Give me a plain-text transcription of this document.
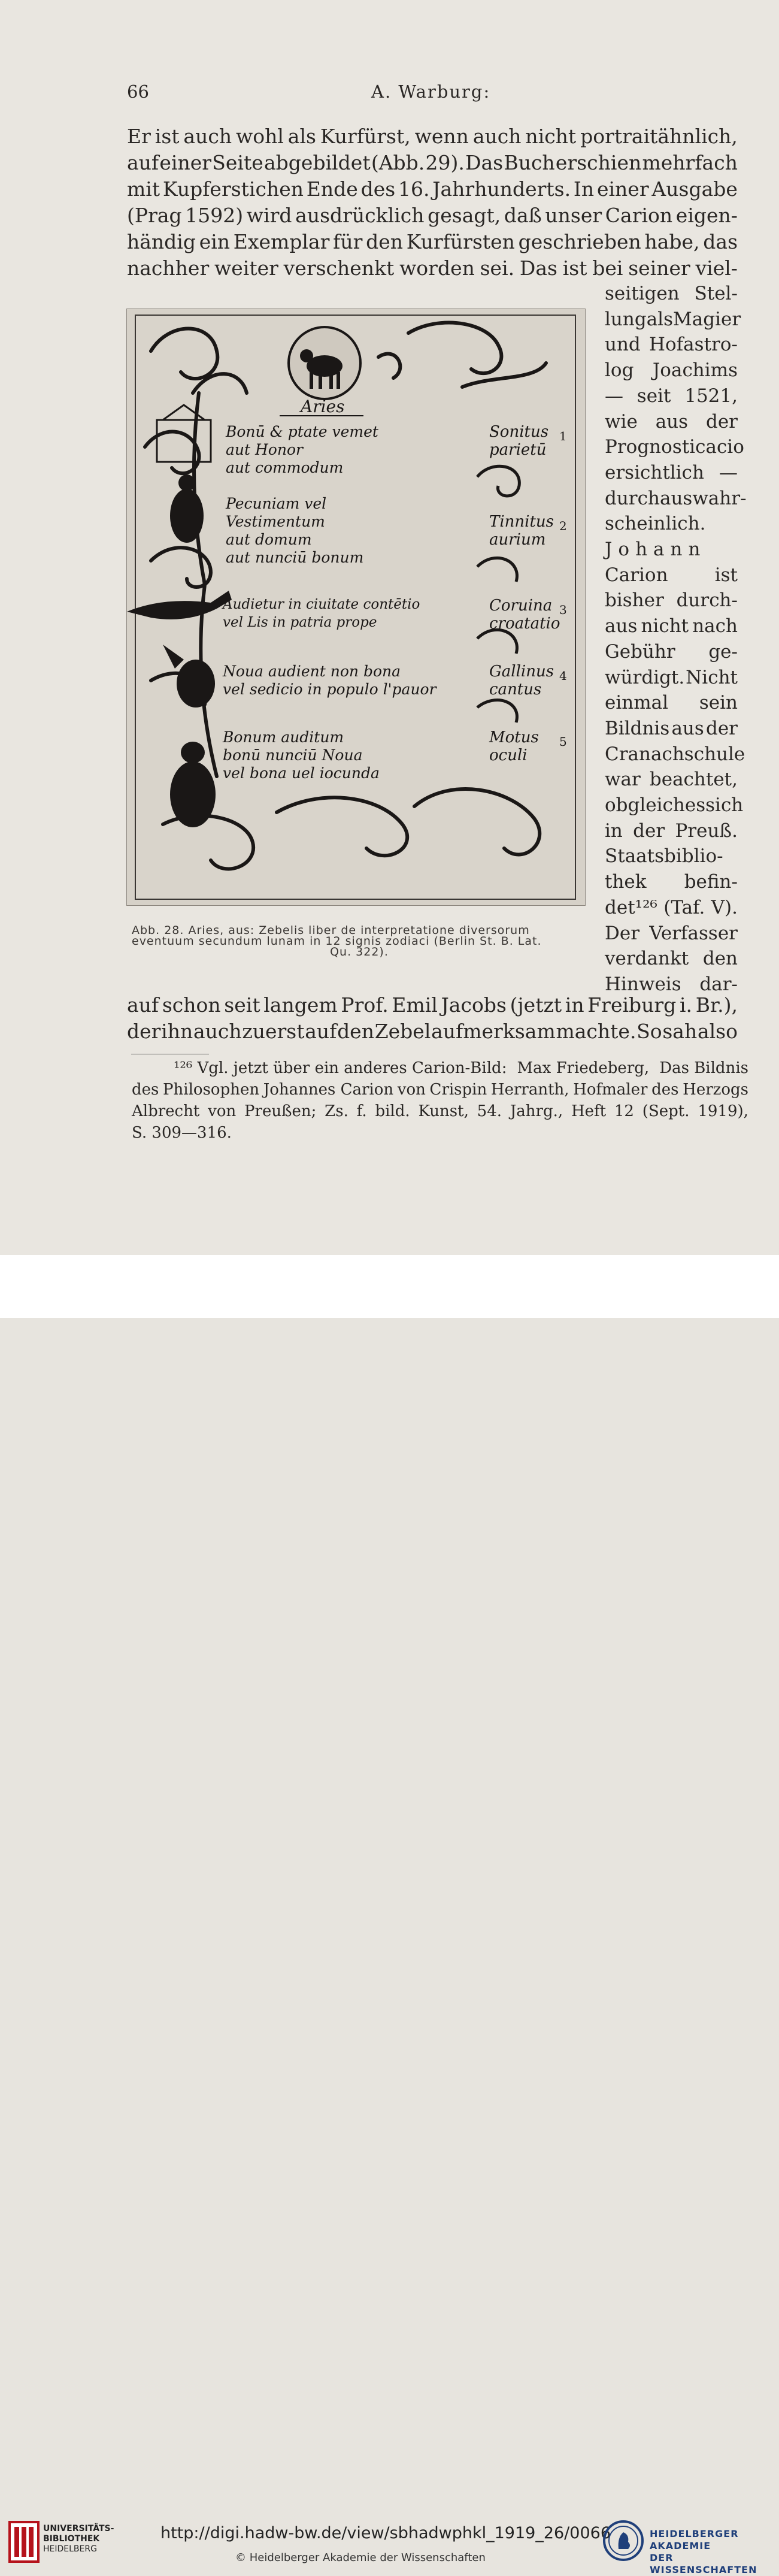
66	A. Warburg:
Er ist auch wohl als Kurfürst, wenn auch nicht portraitähnlich,
auf einer Seite abgebildet (Abb. 29). Das Buch erschien mehrfach
mit Kupferstichen Ende des 16. Jahrhunderts. In einer Ausgabe
(Prag 1592) wird ausdrücklich gesagt, daß unser Carion eigen-
händig ein Exemplar für den Kurfürsten geschrieben habe, das
nachher weiter verschenkt worden sei. Das ist bei seiner viel-
seitigen Stel-
lungalsMagier
und Hofastro-
log Joachims
— seit 1521,
wie aus der
Prognosticacio
ersichtlich —
durchaus wahr-
scheinlich.
Johann
Carion	ist
bisher durch-
aus nicht nach
Gebühr ge-
würdigt. Nicht
einmal sein
Bildnis aus der
Cranachschule
war beachtet,
obgleich es sich
in der Preuß.
Staatsbiblio-
thek befin-
det¹²⁶ (Taf. V).
Der Verfasser
verdankt den
Hinweis dar-
auf schon seit langem Prof. Emil Jacobs (jetzt in Freiburg i. Br.),
der ihn auch zuerst auf den Zebel aufmerksam machte. So sah also
Aries
Bonū & ptate vemet
aut Honor
aut commodum
Pecuniam vel
Vestimentum
aut domum
aut nunciū bonum
Audietur in ciuitate contētio
vel Lis in patria prope
Noua audient non bona
vel sedicio in populo l'pauor
Bonum auditum
bonū nunciū Noua
vel bona uel iocunda
Sonitus
parietū
1
Tinnitus
aurium
2
Coruina
croatatio
3
Gallinus
cantus
4
Motus
oculi
5
Abb. 28. Aries, aus: Zebelis liber de interpretatione diversorum
eventuum secundum lunam in 12 signis zodiaci (Berlin St. B. Lat.
Qu. 322).
¹²⁶ Vgl. jetzt über ein anderes Carion-Bild: Max Friedeberg, Das Bildnis
des Philosophen Johannes Carion von Crispin Herranth, Hofmaler des Herzogs
Albrecht von Preußen; Zs. f. bild. Kunst, 54. Jahrg., Heft 12 (Sept. 1919),
S. 309—316.
UNIVERSITÄTS-
BIBLIOTHEK
HEIDELBERG
http://digi.hadw-bw.de/view/sbhadwphkl_1919_26/0066
© Heidelberger Akademie der Wissenschaften
HEIDELBERGER AKADEMIE
DER WISSENSCHAFTEN
